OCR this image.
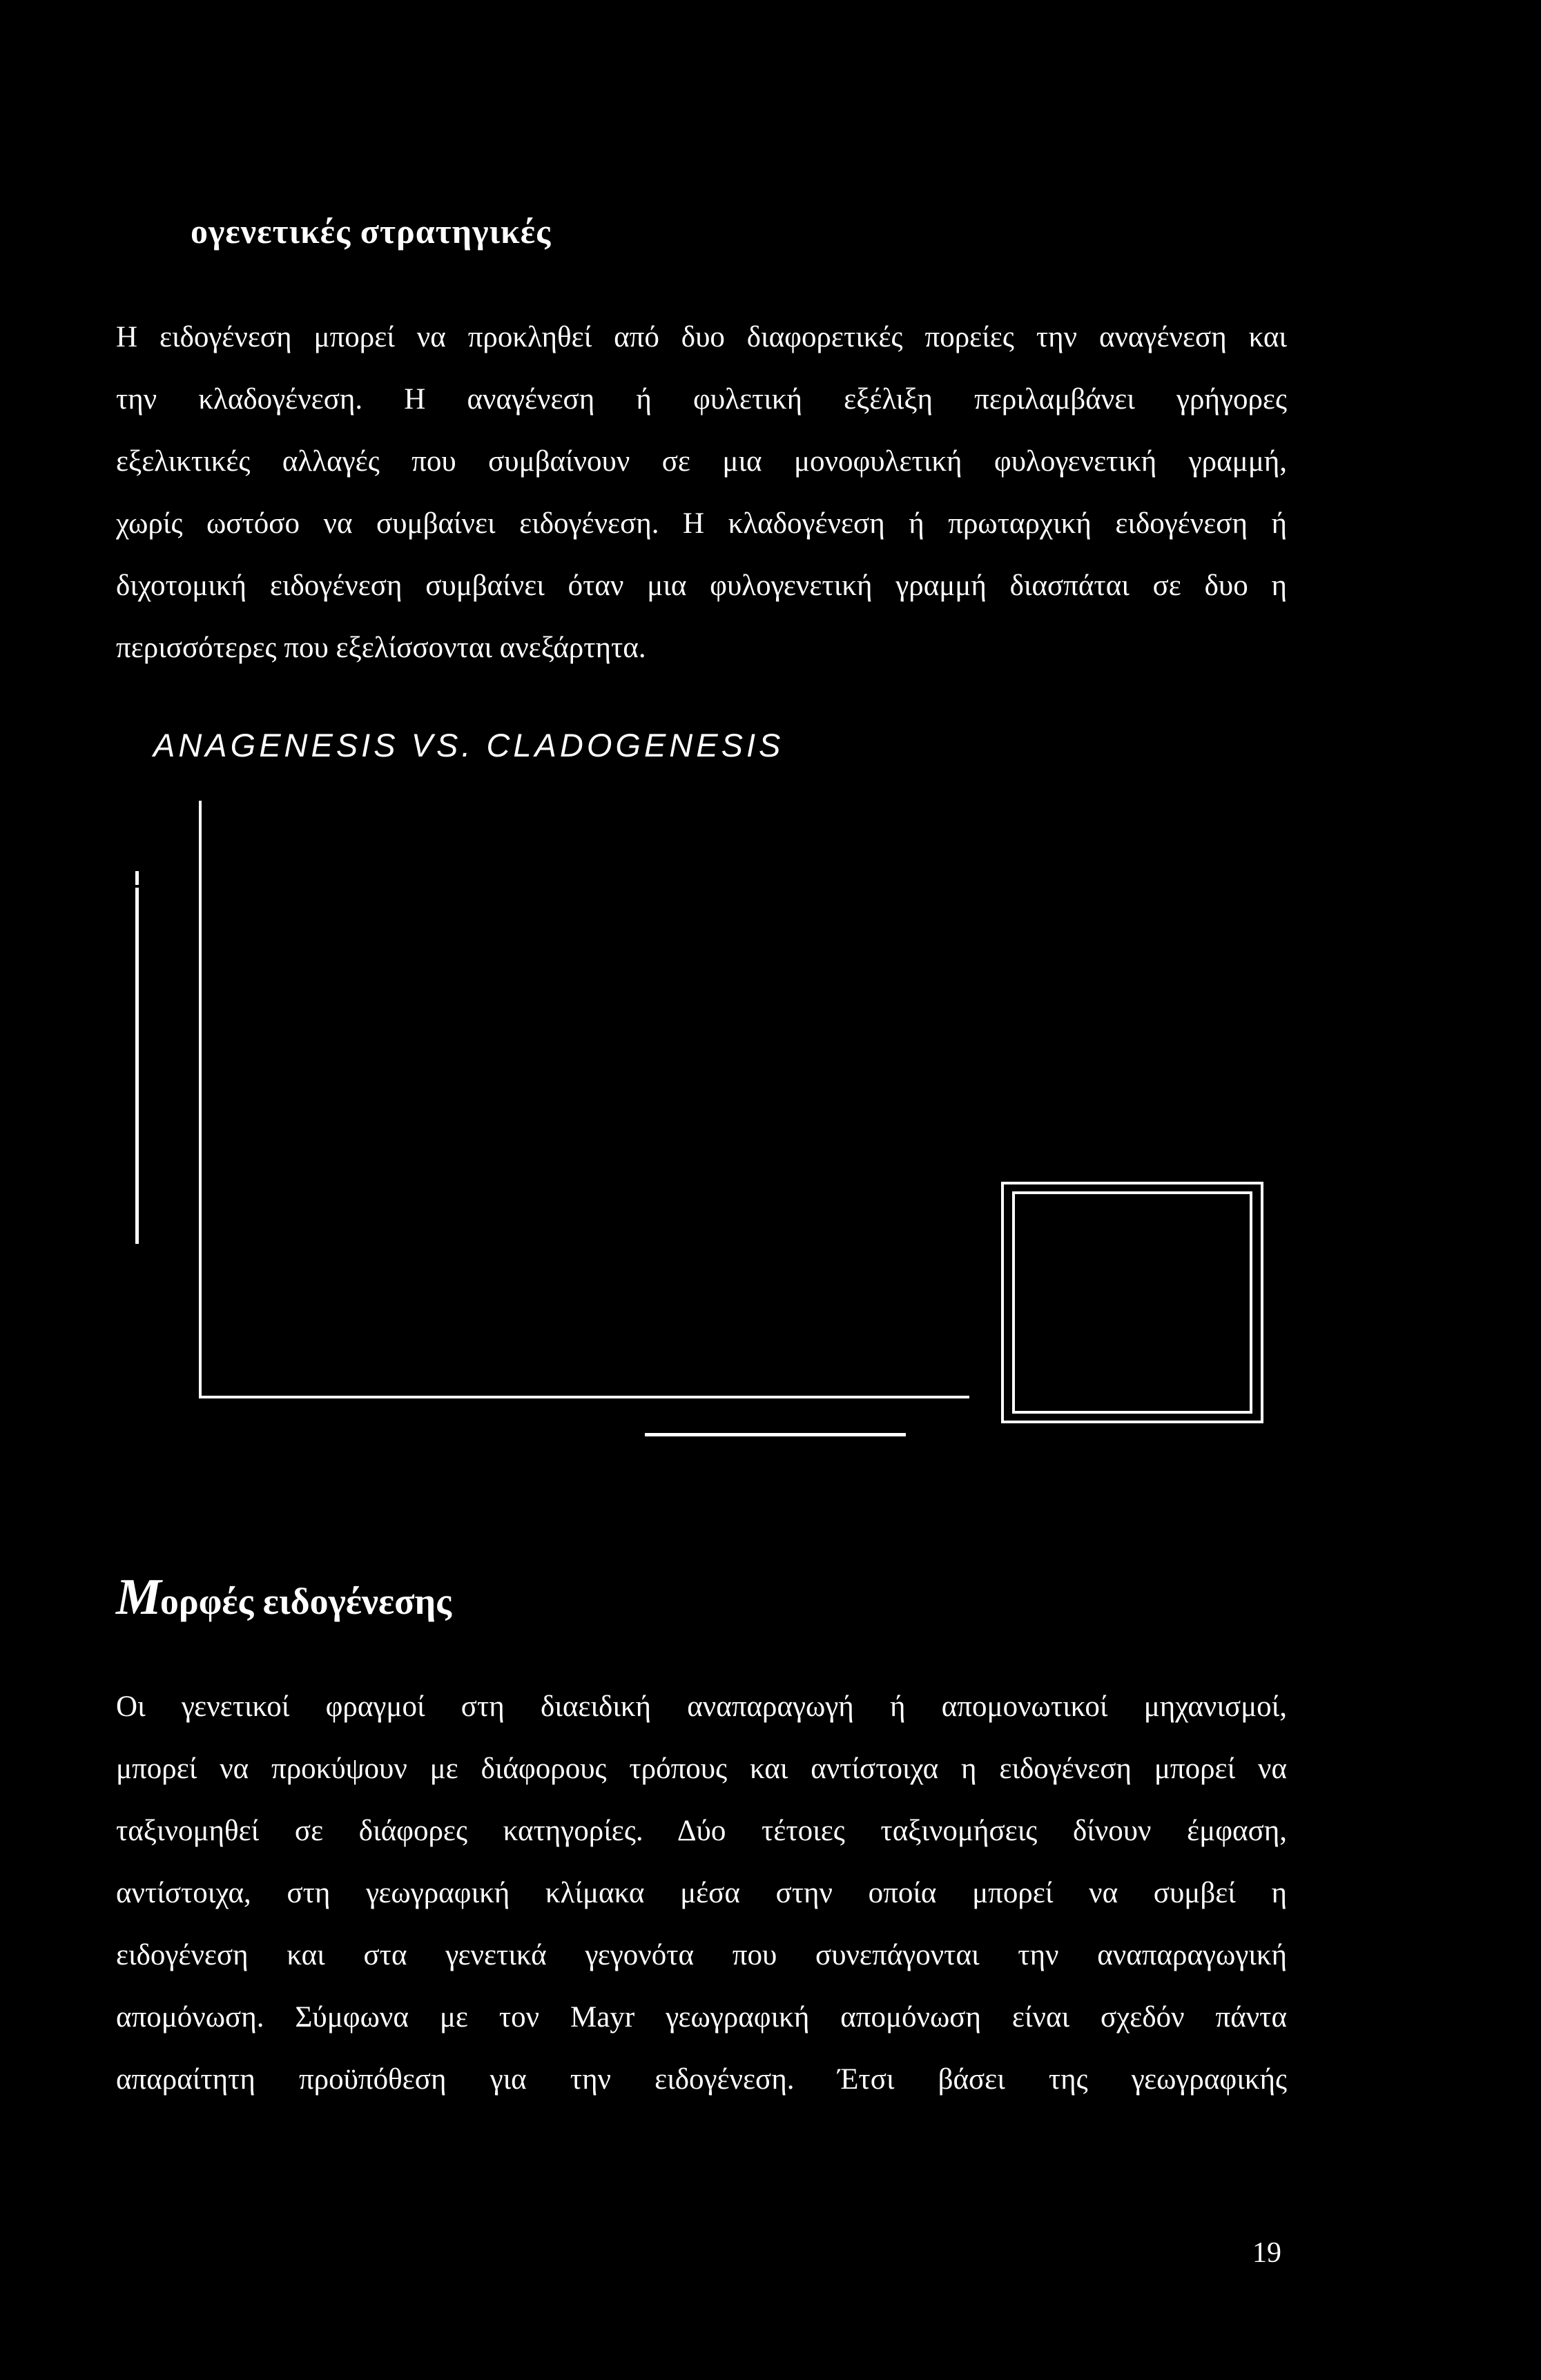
ογενετικές στρατηγικές
Η ειδογένεση μπορεί να προκληθεί από δυο διαφορετικές πορείες την αναγένεση και
την κλαδογένεση. Η αναγένεση ή φυλετική εξέλιξη περιλαμβάνει γρήγορες
εξελικτικές αλλαγές που συμβαίνουν σε μια μονοφυλετική φυλογενετική γραμμή,
χωρίς ωστόσο να συμβαίνει ειδογένεση. Η κλαδογένεση ή πρωταρχική ειδογένεση ή
διχοτομική ειδογένεση συμβαίνει όταν μια φυλογενετική γραμμή διασπάται σε δυο η
περισσότερες που εξελίσσονται ανεξάρτητα.
ANAGENESIS VS. CLADOGENESIS
Μορφές ειδογένεσης
Οι γενετικοί φραγμοί στη διαειδική αναπαραγωγή ή απομονωτικοί μηχανισμοί,
μπορεί να προκύψουν με διάφορους τρόπους και αντίστοιχα η ειδογένεση μπορεί να
ταξινομηθεί σε διάφορες κατηγορίες. Δύο τέτοιες ταξινομήσεις δίνουν έμφαση,
αντίστοιχα, στη γεωγραφική κλίμακα μέσα στην οποία μπορεί να συμβεί η
ειδογένεση και στα γενετικά γεγονότα που συνεπάγονται την αναπαραγωγική
απομόνωση. Σύμφωνα με τον Mayr γεωγραφική απομόνωση είναι σχεδόν πάντα
απαραίτητη προϋπόθεση για την ειδογένεση. Έτσι βάσει της γεωγραφικής
19
